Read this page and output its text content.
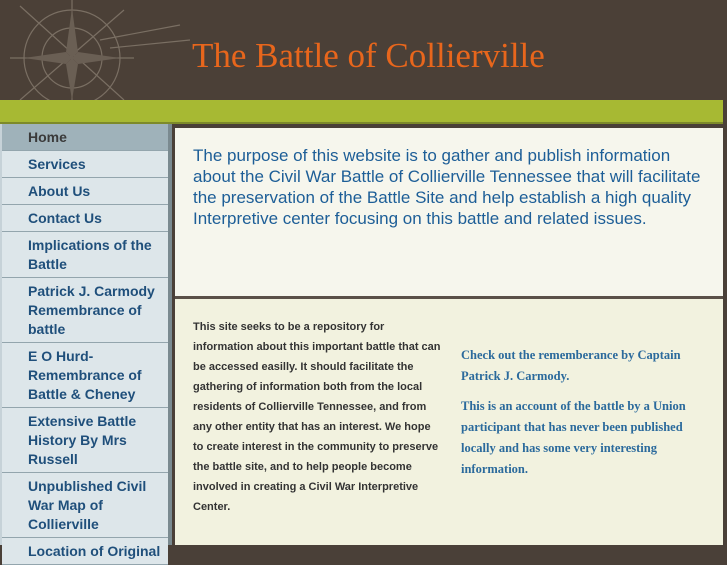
The Battle of Collierville
Home
Services
About Us
Contact Us
Implications of the Battle
Patrick J. Carmody Remembrance of battle
E O Hurd- Remembrance of Battle & Cheney
Extensive Battle History By Mrs Russell
Unpublished Civil War Map of Collierville
Location of Original
The purpose of this website is to gather and publish information about the Civil War Battle of Collierville Tennessee that will facilitate the preservation of the Battle Site and help establish a high quality Interpretive center focusing on this battle and related issues.
This site seeks to be a repository for information about this important battle that can be accessed easilly. It should facilitate the gathering of information both from the local residents of Collierville Tennessee, and from any other entity that has an interest. We hope to create interest in the community to preserve the battle site, and to help people become involved in creating a Civil War Interpretive Center.

Check out the rememberance by Captain Patrick J. Carmody.

This is an account of the battle by a Union participant that has never been published locally and has some very interesting information.
